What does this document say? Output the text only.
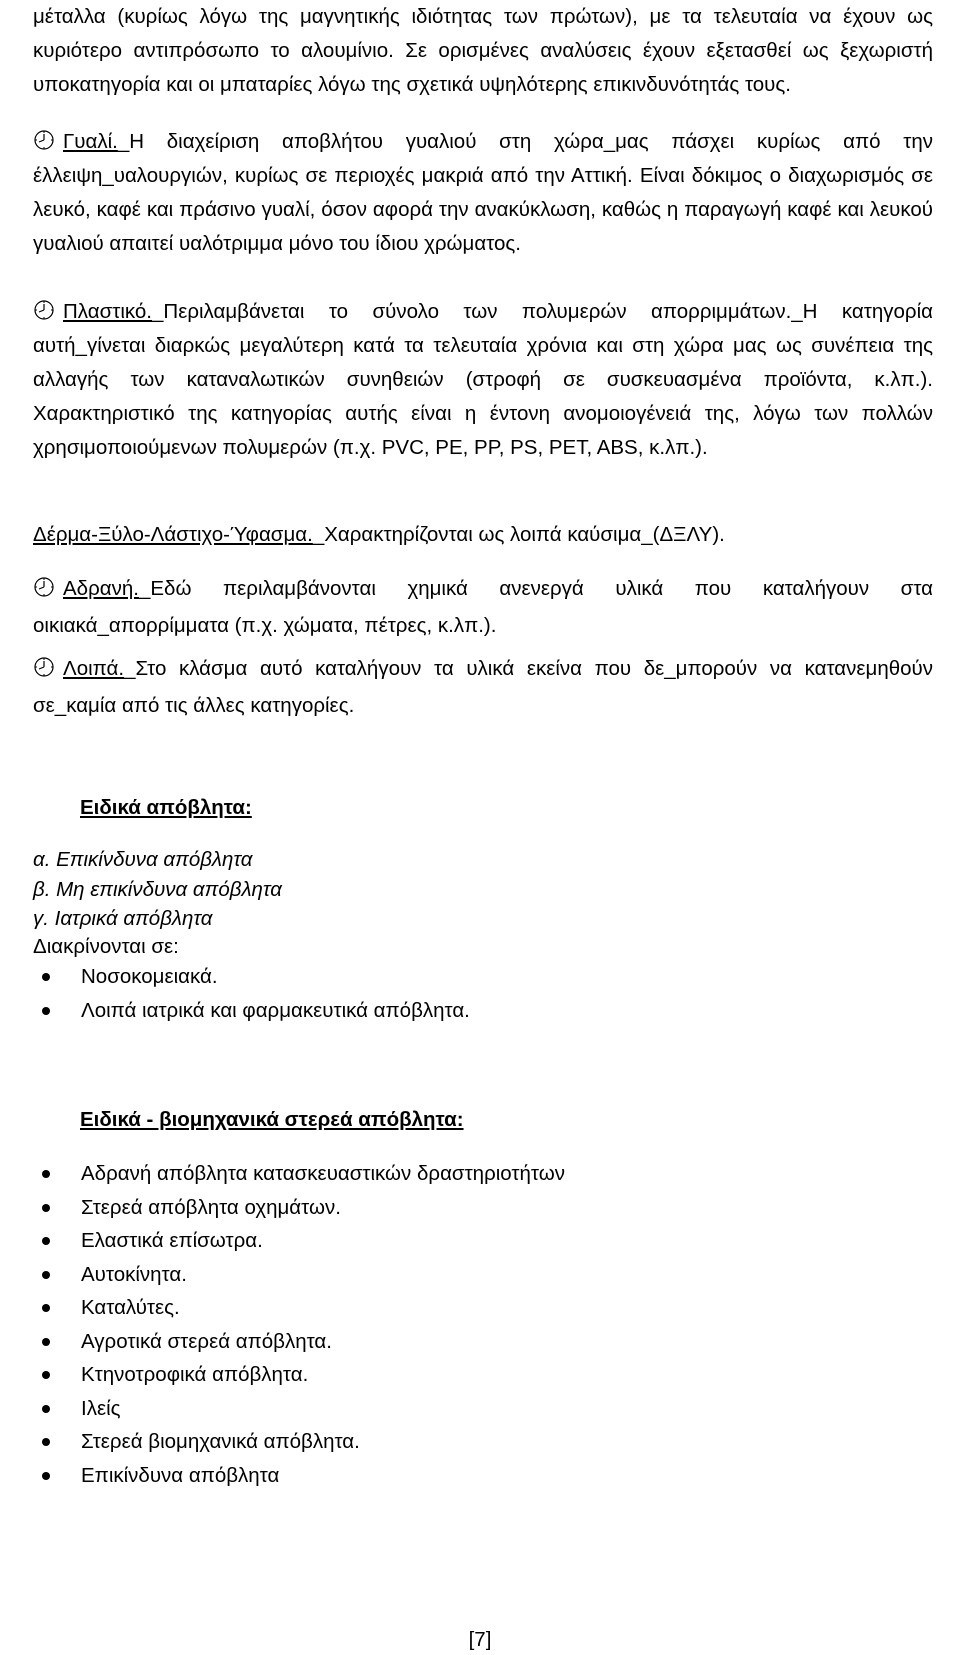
μέταλλα (κυρίως λόγω της μαγνητικής ιδιότητας των πρώτων), με τα τελευταία να έχουν ως κυριότερο αντιπρόσωπο το αλουμίνιο. Σε ορισμένες αναλύσεις έχουν εξετασθεί ως ξεχωριστή υποκατηγορία και οι μπαταρίες λόγω της σχετικά υψηλότερης επικινδυνότητάς τους.

Γυαλί._Η διαχείριση αποβλήτου γυαλιού στη χώρα_μας πάσχει κυρίως από την έλλειψη_υαλουργιών, κυρίως σε περιοχές μακριά από την Αττική. Είναι δόκιμος ο διαχωρισμός σε λευκό, καφέ και πράσινο γυαλί, όσον αφορά την ανακύκλωση, καθώς η παραγωγή καφέ και λευκού γυαλιού απαιτεί υαλότριμμα μόνο του ίδιου χρώματος.

Πλαστικό._Περιλαμβάνεται το σύνολο των πολυμερών απορριμμάτων._Η κατηγορία αυτή_γίνεται διαρκώς μεγαλύτερη κατά τα τελευταία χρόνια και στη χώρα μας ως συνέπεια της αλλαγής των καταναλωτικών συνηθειών (στροφή σε συσκευασμένα προϊόντα, κ.λπ.). Χαρακτηριστικό της κατηγορίας αυτής είναι η έντονη ανομοιογένειά της, λόγω των πολλών χρησιμοποιούμενων πολυμερών (π.χ. PVC, PE, PP, PS, PET, ABS, κ.λπ.).

Δέρμα-Ξύλο-Λάστιχο-Ύφασμα._Χαρακτηρίζονται ως λοιπά καύσιμα_(ΔΞΛΥ).

Αδρανή._Εδώ περιλαμβάνονται χημικά ανενεργά υλικά που καταλήγουν στα οικιακά_απορρίμματα (π.χ. χώματα, πέτρες, κ.λπ.).

Λοιπά._Στο κλάσμα αυτό καταλήγουν τα υλικά εκείνα που δε_μπορούν να κατανεμηθούν σε_καμία από τις άλλες κατηγορίες.

Ειδικά απόβλητα:

α. Επικίνδυνα απόβλητα

β. Μη επικίνδυνα απόβλητα

γ. Ιατρικά απόβλητα

Διακρίνονται σε:

Νοσοκομειακά.
Λοιπά ιατρικά και φαρμακευτικά απόβλητα.

Ειδικά - βιομηχανικά στερεά απόβλητα:

Αδρανή απόβλητα κατασκευαστικών δραστηριοτήτων
Στερεά απόβλητα οχημάτων.
Ελαστικά επίσωτρα.
Αυτοκίνητα.
Καταλύτες.
Αγροτικά στερεά απόβλητα.
Κτηνοτροφικά απόβλητα.
Ιλείς
Στερεά βιομηχανικά απόβλητα.
Επικίνδυνα απόβλητα
[7]
